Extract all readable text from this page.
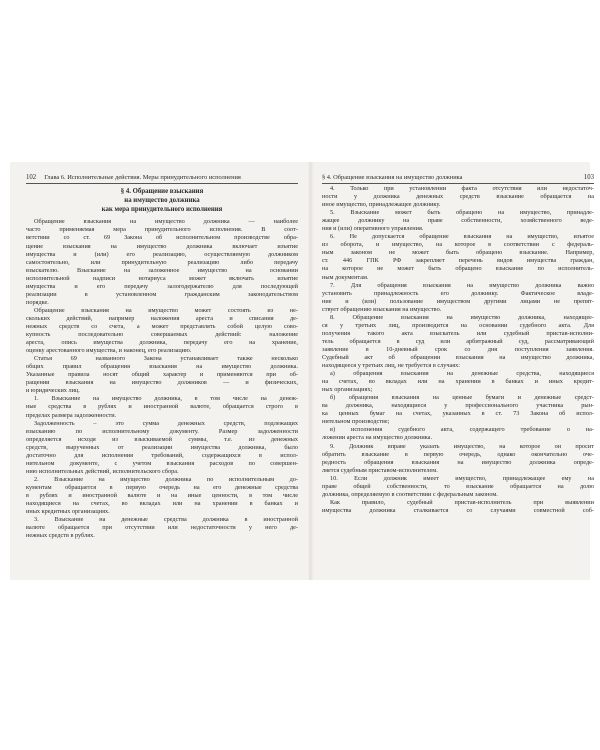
102 Глава 6. Исполнительные действия. Меры принудительного исполнения
§ 4. Обращение взыскания
на имущество должника
как мера принудительного исполнения
Обращение взыскания на имущество должника — наиболее
часто применяемая мера принудительного исполнения. В соот-
ветствии со ст. 69 Закона об исполнительном производстве обра-
щение взыскания на имущество должника включает изъятие
имущества и (или) его реализацию, осуществляемую должником
самостоятельно, или принудительную реализацию либо передачу
взыскателю. Взыскание на заложенное имущество на основании
исполнительной надписи нотариуса может включать изъятие
имущества и его передачу залогодержателю для последующей
реализации в установленном гражданским законодательством
порядке.
Обращение взыскания на имущество может состоять из не-
скольких действий, например наложения ареста и списания де-
нежных средств со счета, а может представлять собой целую сово-
купность последовательно совершаемых действий: наложение
ареста, опись имущества должника, передачу его на хранение,
оценку арестованного имущества, и наконец, его реализацию.
Статья 69 названного Закона устанавливает также несколько
общих правил обращения взыскания на имущество должника.
Указанные правила носят общий характер и применяются при об-
ращении взыскания на имущество должников — и физических,
и юридических лиц.
1. Взыскание на имущество должника, в том числе на денеж-
ные средства в рублях и иностранной валюте, обращается строго в
пределах размера задолженности.
Задолженность – это сумма денежных средств, подлежащих
взысканию по исполнительному документу. Размер задолженности
определяется исходя из взыскиваемой суммы, т.е. из денежных
средств, вырученных от реализации имущества должника, было
достаточно для исполнения требований, содержащихся в испол-
нительном документе, с учетом взыскания расходов по совершен-
нию исполнительных действий, исполнительского сбора.
2. Взыскание на имущество должника по исполнительным до-
кументам обращается в первую очередь на его денежные средства
в рублях и иностранной валюте и на иные ценности, в том числе
находящиеся на счетах, во вкладах или на хранении в банках и
иных кредитных организациях.
3. Взыскание на денежные средства должника в иностранной
валюте обращается при отсутствии или недостаточности у него де-
нежных средств в рублях.
§ 4. Обращение взыскания на имущество должника	103
4. Только при установлении факта отсутствия или недостаточ-
ности у должника денежных средств взыскание обращается на
иное имущество, принадлежащее должнику.
5. Взыскание может быть обращено на имущество, принадле-
жащее должнику на праве собственности, хозяйственного веде-
ния и (или) оперативного управления.
6. Не допускается обращение взыскания на имущество, изъятое
из оборота, и имущество, на которое в соответствии с федераль-
ным законом не может быть обращено взыскание. Например,
ст. 446 ГПК РФ закрепляет перечень видов имущества граждан,
на которое не может быть обращено взыскание по исполнитель-
ным документам.
7. Для обращения взыскания на имущество должника важно
установить принадлежность его должнику. Фактическое владе-
ние и (или) пользование имуществом другими лицами не препят-
ствует обращению взыскания на имущество.
8. Обращение взыскания на имущество должника, находящее-
ся у третьих лиц, производится на основании судебного акта. Для
получения такого акта взыскатель или судебный пристав-исполни-
тель обращается в суд или арбитражный суд, рассматривающий
заявление в 10-дневный срок со дня поступления заявления.
Судебный акт об обращении взыскания на имущество должника,
находящееся у третьих лиц, не требуется в случаях:
а) обращения взыскания на денежные средства, находящиеся
на счетах, во вкладах или на хранении в банках и иных кредит-
ных организациях;
б) обращения взыскания на ценные бумаги и денежные средст-
ва должника, находящиеся у профессионального участника рын-
ка ценных бумаг на счетах, указанных в ст. 73 Закона об испол-
нительном производстве;
в) исполнения судебного акта, содержащего требование о на-
ложении ареста на имущество должника.
9. Должник вправе указать имущество, на которое он просит
обратить взыскание в первую очередь, однако окончательно оче-
редность обращения взыскания на имущество должника опреде-
ляется судебным приставом-исполнителем.
10. Если должник имеет имущество, принадлежащее ему на
праве общей собственности, то взыскание обращается на долю
должника, определяемую в соответствии с федеральным законом.
Как правило, судебный пристав-исполнитель при выявлении
имущества должника сталкивается со случаями совместной соб-
